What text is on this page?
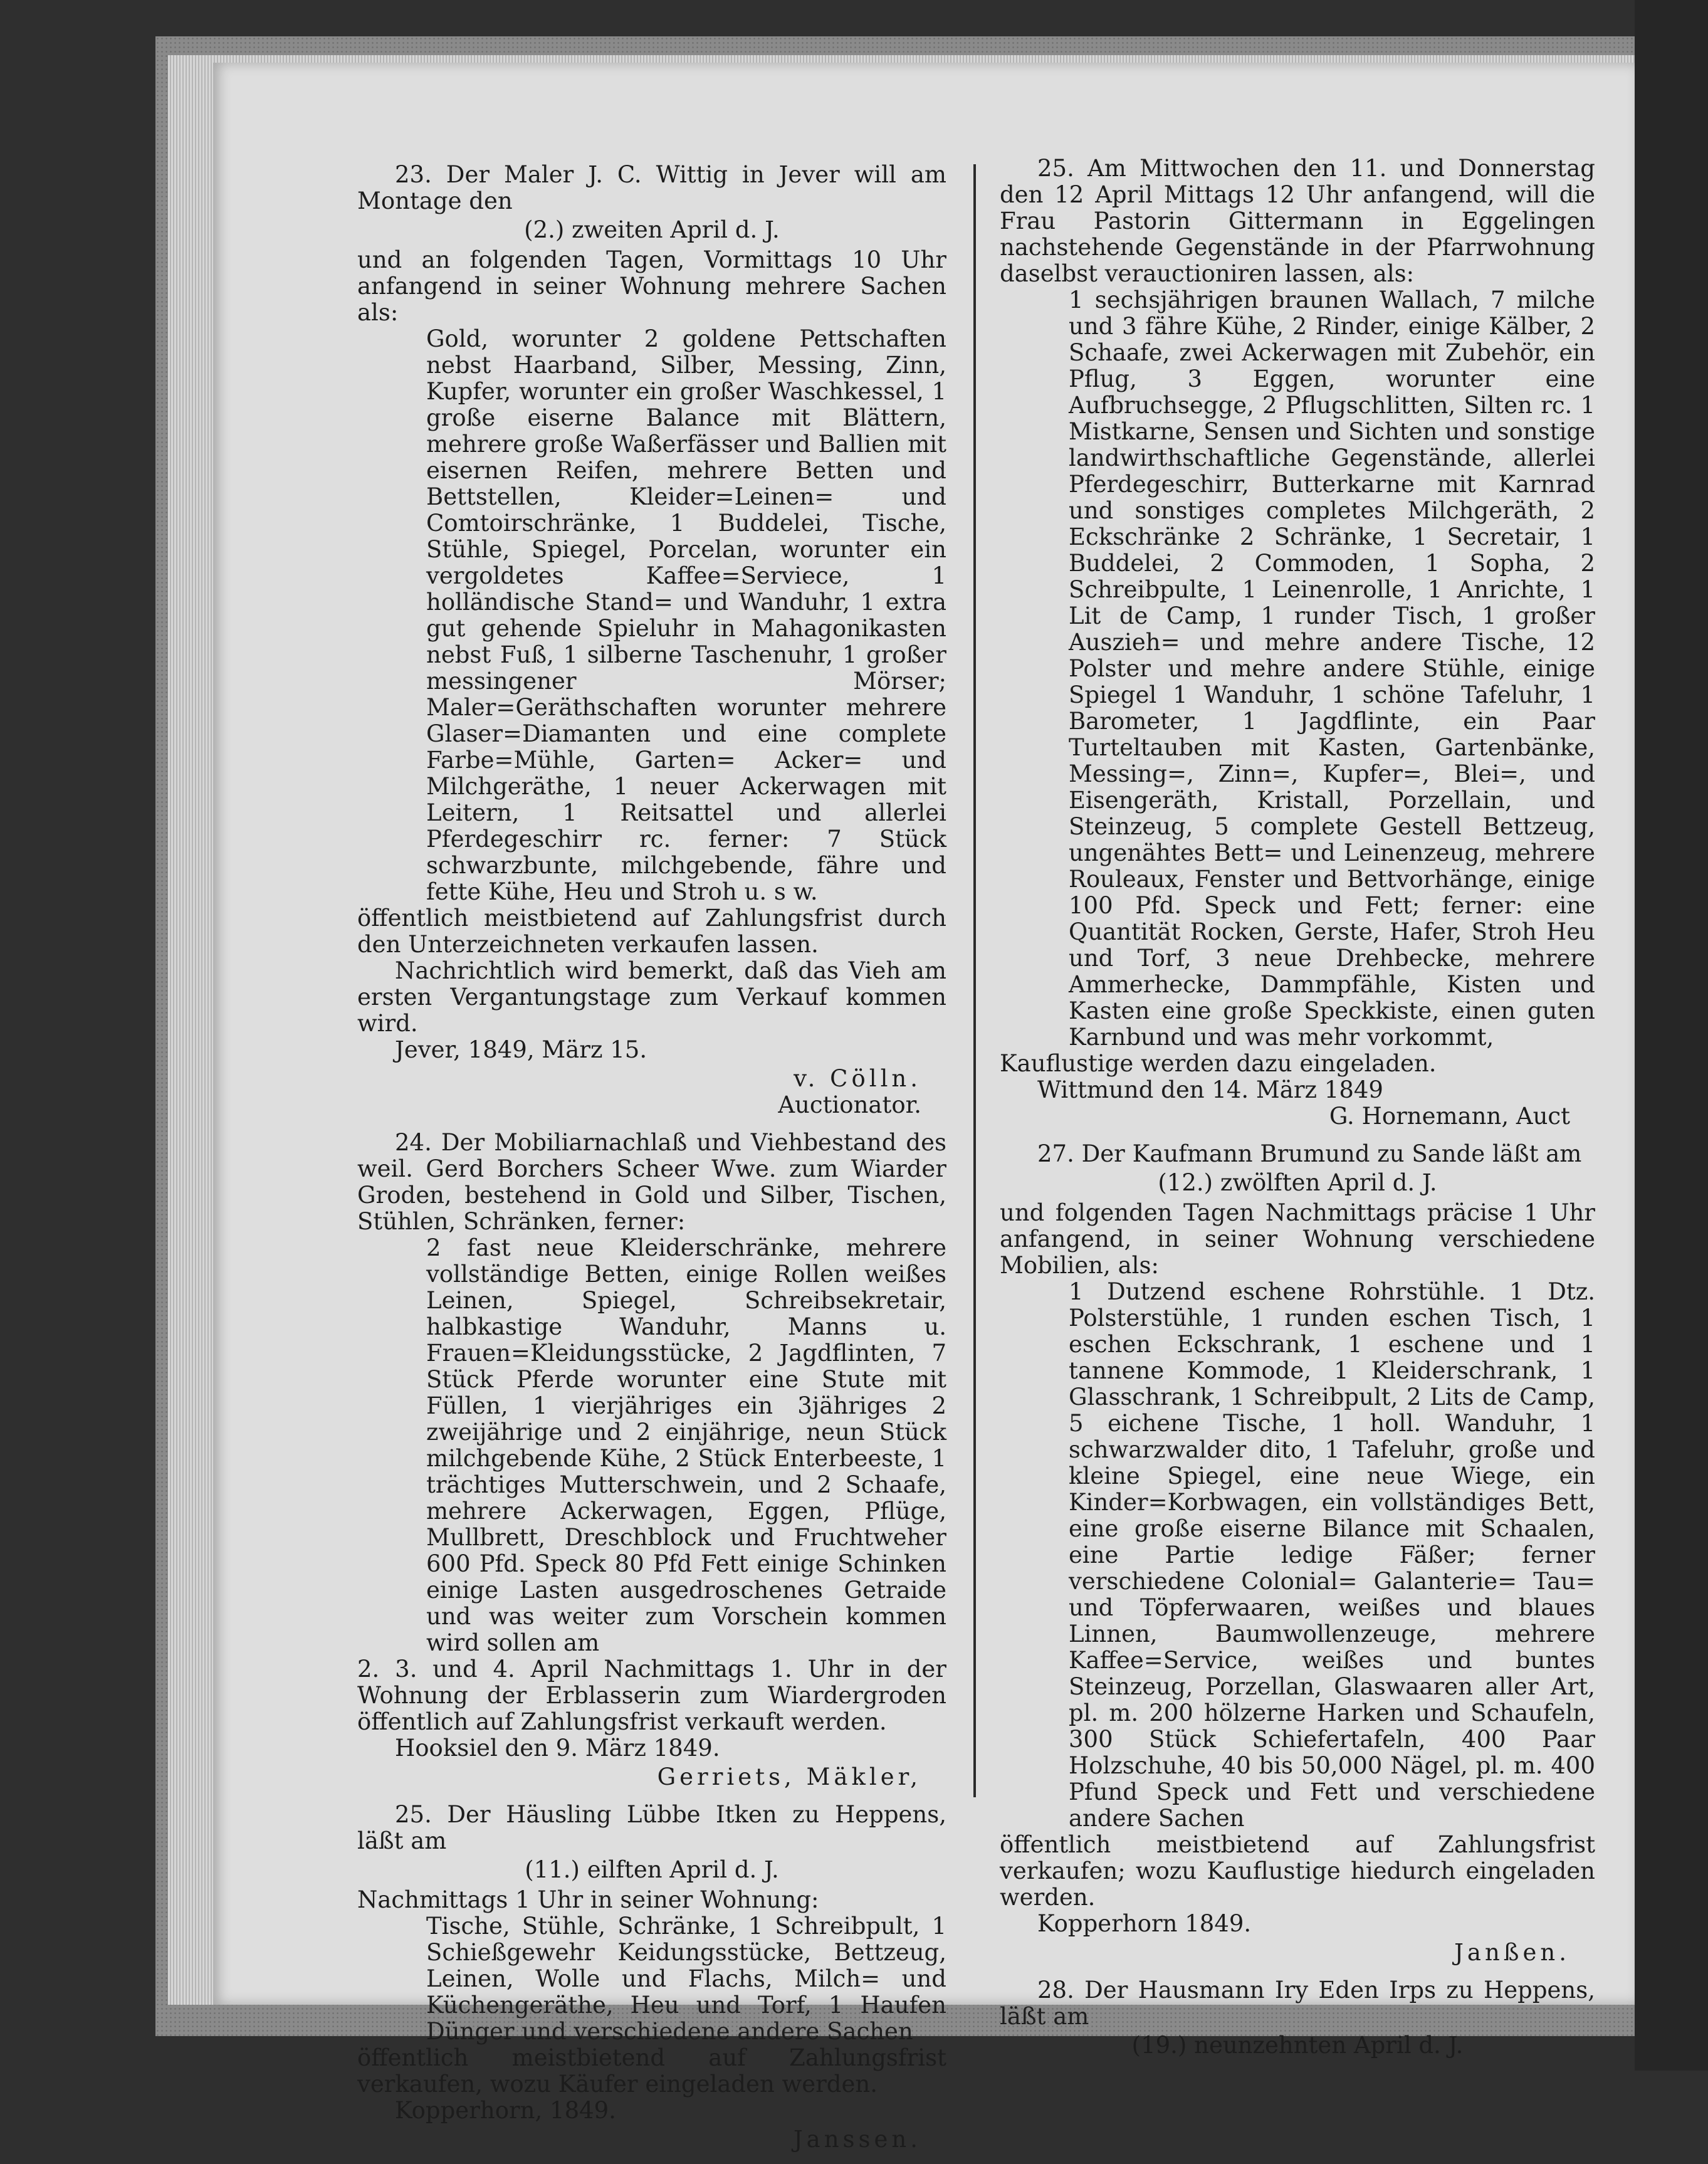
23. Der Maler J. C. Wittig in Jever will am Montage den

(2.) zweiten April d. J.

und an folgenden Tagen, Vormittags 10 Uhr anfangend in seiner Wohnung mehrere Sachen als:

Gold, worunter 2 goldene Pettschaften nebst Haarband, Silber, Messing, Zinn, Kupfer, worunter ein großer Waschkessel, 1 große eiserne Balance mit Blättern, mehrere große Waßerfässer und Ballien mit eisernen Reifen, mehrere Betten und Bettstellen, Kleider=Leinen= und Comtoirschränke, 1 Buddelei, Tische, Stühle, Spiegel, Porcelan, worunter ein vergoldetes Kaffee=Serviece, 1 holländische Stand= und Wanduhr, 1 extra gut gehende Spieluhr in Mahagonikasten nebst Fuß, 1 silberne Taschenuhr, 1 großer messingener Mörser; Maler=Geräthschaften worunter mehrere Glaser=Diamanten und eine complete Farbe=Mühle, Garten= Acker= und Milchgeräthe, 1 neuer Ackerwagen mit Leitern, 1 Reitsattel und allerlei Pferdegeschirr rc. ferner: 7 Stück schwarzbunte, milchgebende, fähre und fette Kühe, Heu und Stroh u. s w.

öffentlich meistbietend auf Zahlungsfrist durch den Unterzeichneten verkaufen lassen.

Nachrichtlich wird bemerkt, daß das Vieh am ersten Vergantungstage zum Verkauf kommen wird.

Jever, 1849, März 15.

v. Cölln.

Auctionator.

24. Der Mobiliarnachlaß und Viehbestand des weil. Gerd Borchers Scheer Wwe. zum Wiarder Groden, bestehend in Gold und Silber, Tischen, Stühlen, Schränken, ferner:

2 fast neue Kleiderschränke, mehrere vollständige Betten, einige Rollen weißes Leinen, Spiegel, Schreibsekretair, halbkastige Wanduhr, Manns u. Frauen=Kleidungsstücke, 2 Jagdflinten, 7 Stück Pferde worunter eine Stute mit Füllen, 1 vierjähriges ein 3jähriges 2 zweijährige und 2 einjährige, neun Stück milchgebende Kühe, 2 Stück Enterbeeste, 1 trächtiges Mutterschwein, und 2 Schaafe, mehrere Ackerwagen, Eggen, Pflüge, Mullbrett, Dreschblock und Fruchtweher 600 Pfd. Speck 80 Pfd Fett einige Schinken einige Lasten ausgedroschenes Getraide und was weiter zum Vorschein kommen wird sollen am

2. 3. und 4. April Nachmittags 1. Uhr in der Wohnung der Erblasserin zum Wiardergroden öffentlich auf Zahlungsfrist verkauft werden.

Hooksiel den 9. März 1849.

Gerriets, Mäkler,

25. Der Häusling Lübbe Itken zu Heppens, läßt am

(11.) eilften April d. J.

Nachmittags 1 Uhr in seiner Wohnung:

Tische, Stühle, Schränke, 1 Schreibpult, 1 Schießgewehr Keidungsstücke, Bettzeug, Leinen, Wolle und Flachs, Milch= und Küchengeräthe, Heu und Torf, 1 Haufen Dünger und verschiedene andere Sachen

öffentlich meistbietend auf Zahlungsfrist verkaufen, wozu Käufer eingeladen werden.

Kopperhorn, 1849.

Janssen.

25. Am Mittwochen den 11. und Donnerstag den 12 April Mittags 12 Uhr anfangend, will die Frau Pastorin Gittermann in Eggelingen nachstehende Gegenstände in der Pfarrwohnung daselbst verauctioniren lassen, als:

1 sechsjährigen braunen Wallach, 7 milche und 3 fähre Kühe, 2 Rinder, einige Kälber, 2 Schaafe, zwei Ackerwagen mit Zubehör, ein Pflug, 3 Eggen, worunter eine Aufbruchsegge, 2 Pflugschlitten, Silten rc. 1 Mistkarne, Sensen und Sichten und sonstige landwirthschaftliche Gegenstände, allerlei Pferdegeschirr, Butterkarne mit Karnrad und sonstiges completes Milchgeräth, 2 Eckschränke 2 Schränke, 1 Secretair, 1 Buddelei, 2 Commoden, 1 Sopha, 2 Schreibpulte, 1 Leinenrolle, 1 Anrichte, 1 Lit de Camp, 1 runder Tisch, 1 großer Auszieh= und mehre andere Tische, 12 Polster und mehre andere Stühle, einige Spiegel 1 Wanduhr, 1 schöne Tafeluhr, 1 Barometer, 1 Jagdflinte, ein Paar Turteltauben mit Kasten, Gartenbänke, Messing=, Zinn=, Kupfer=, Blei=, und Eisengeräth, Kristall, Porzellain, und Steinzeug, 5 complete Gestell Bettzeug, ungenähtes Bett= und Leinenzeug, mehrere Rouleaux, Fenster und Bettvorhänge, einige 100 Pfd. Speck und Fett; ferner: eine Quantität Rocken, Gerste, Hafer, Stroh Heu und Torf, 3 neue Drehbecke, mehrere Ammerhecke, Dammpfähle, Kisten und Kasten eine große Speckkiste, einen guten Karnbund und was mehr vorkommt,

Kauflustige werden dazu eingeladen.

Wittmund den 14. März 1849

G. Hornemann, Auct

27. Der Kaufmann Brumund zu Sande läßt am

(12.) zwölften April d. J.

und folgenden Tagen Nachmittags präcise 1 Uhr anfangend, in seiner Wohnung verschiedene Mobilien, als:

1 Dutzend eschene Rohrstühle. 1 Dtz. Polsterstühle, 1 runden eschen Tisch, 1 eschen Eckschrank, 1 eschene und 1 tannene Kommode, 1 Kleiderschrank, 1 Glasschrank, 1 Schreibpult, 2 Lits de Camp, 5 eichene Tische, 1 holl. Wanduhr, 1 schwarzwalder dito, 1 Tafeluhr, große und kleine Spiegel, eine neue Wiege, ein Kinder=Korbwagen, ein vollständiges Bett, eine große eiserne Bilance mit Schaalen, eine Partie ledige Fäßer; ferner verschiedene Colonial= Galanterie= Tau= und Töpferwaaren, weißes und blaues Linnen, Baumwollenzeuge, mehrere Kaffee=Service, weißes und buntes Steinzeug, Porzellan, Glaswaaren aller Art, pl. m. 200 hölzerne Harken und Schaufeln, 300 Stück Schiefertafeln, 400 Paar Holzschuhe, 40 bis 50,000 Nägel, pl. m. 400 Pfund Speck und Fett und verschiedene andere Sachen

öffentlich meistbietend auf Zahlungsfrist verkaufen; wozu Kauflustige hiedurch eingeladen werden.

Kopperhorn 1849.

Janßen.

28. Der Hausmann Iry Eden Irps zu Heppens, läßt am

(19.) neunzehnten April d. J.
